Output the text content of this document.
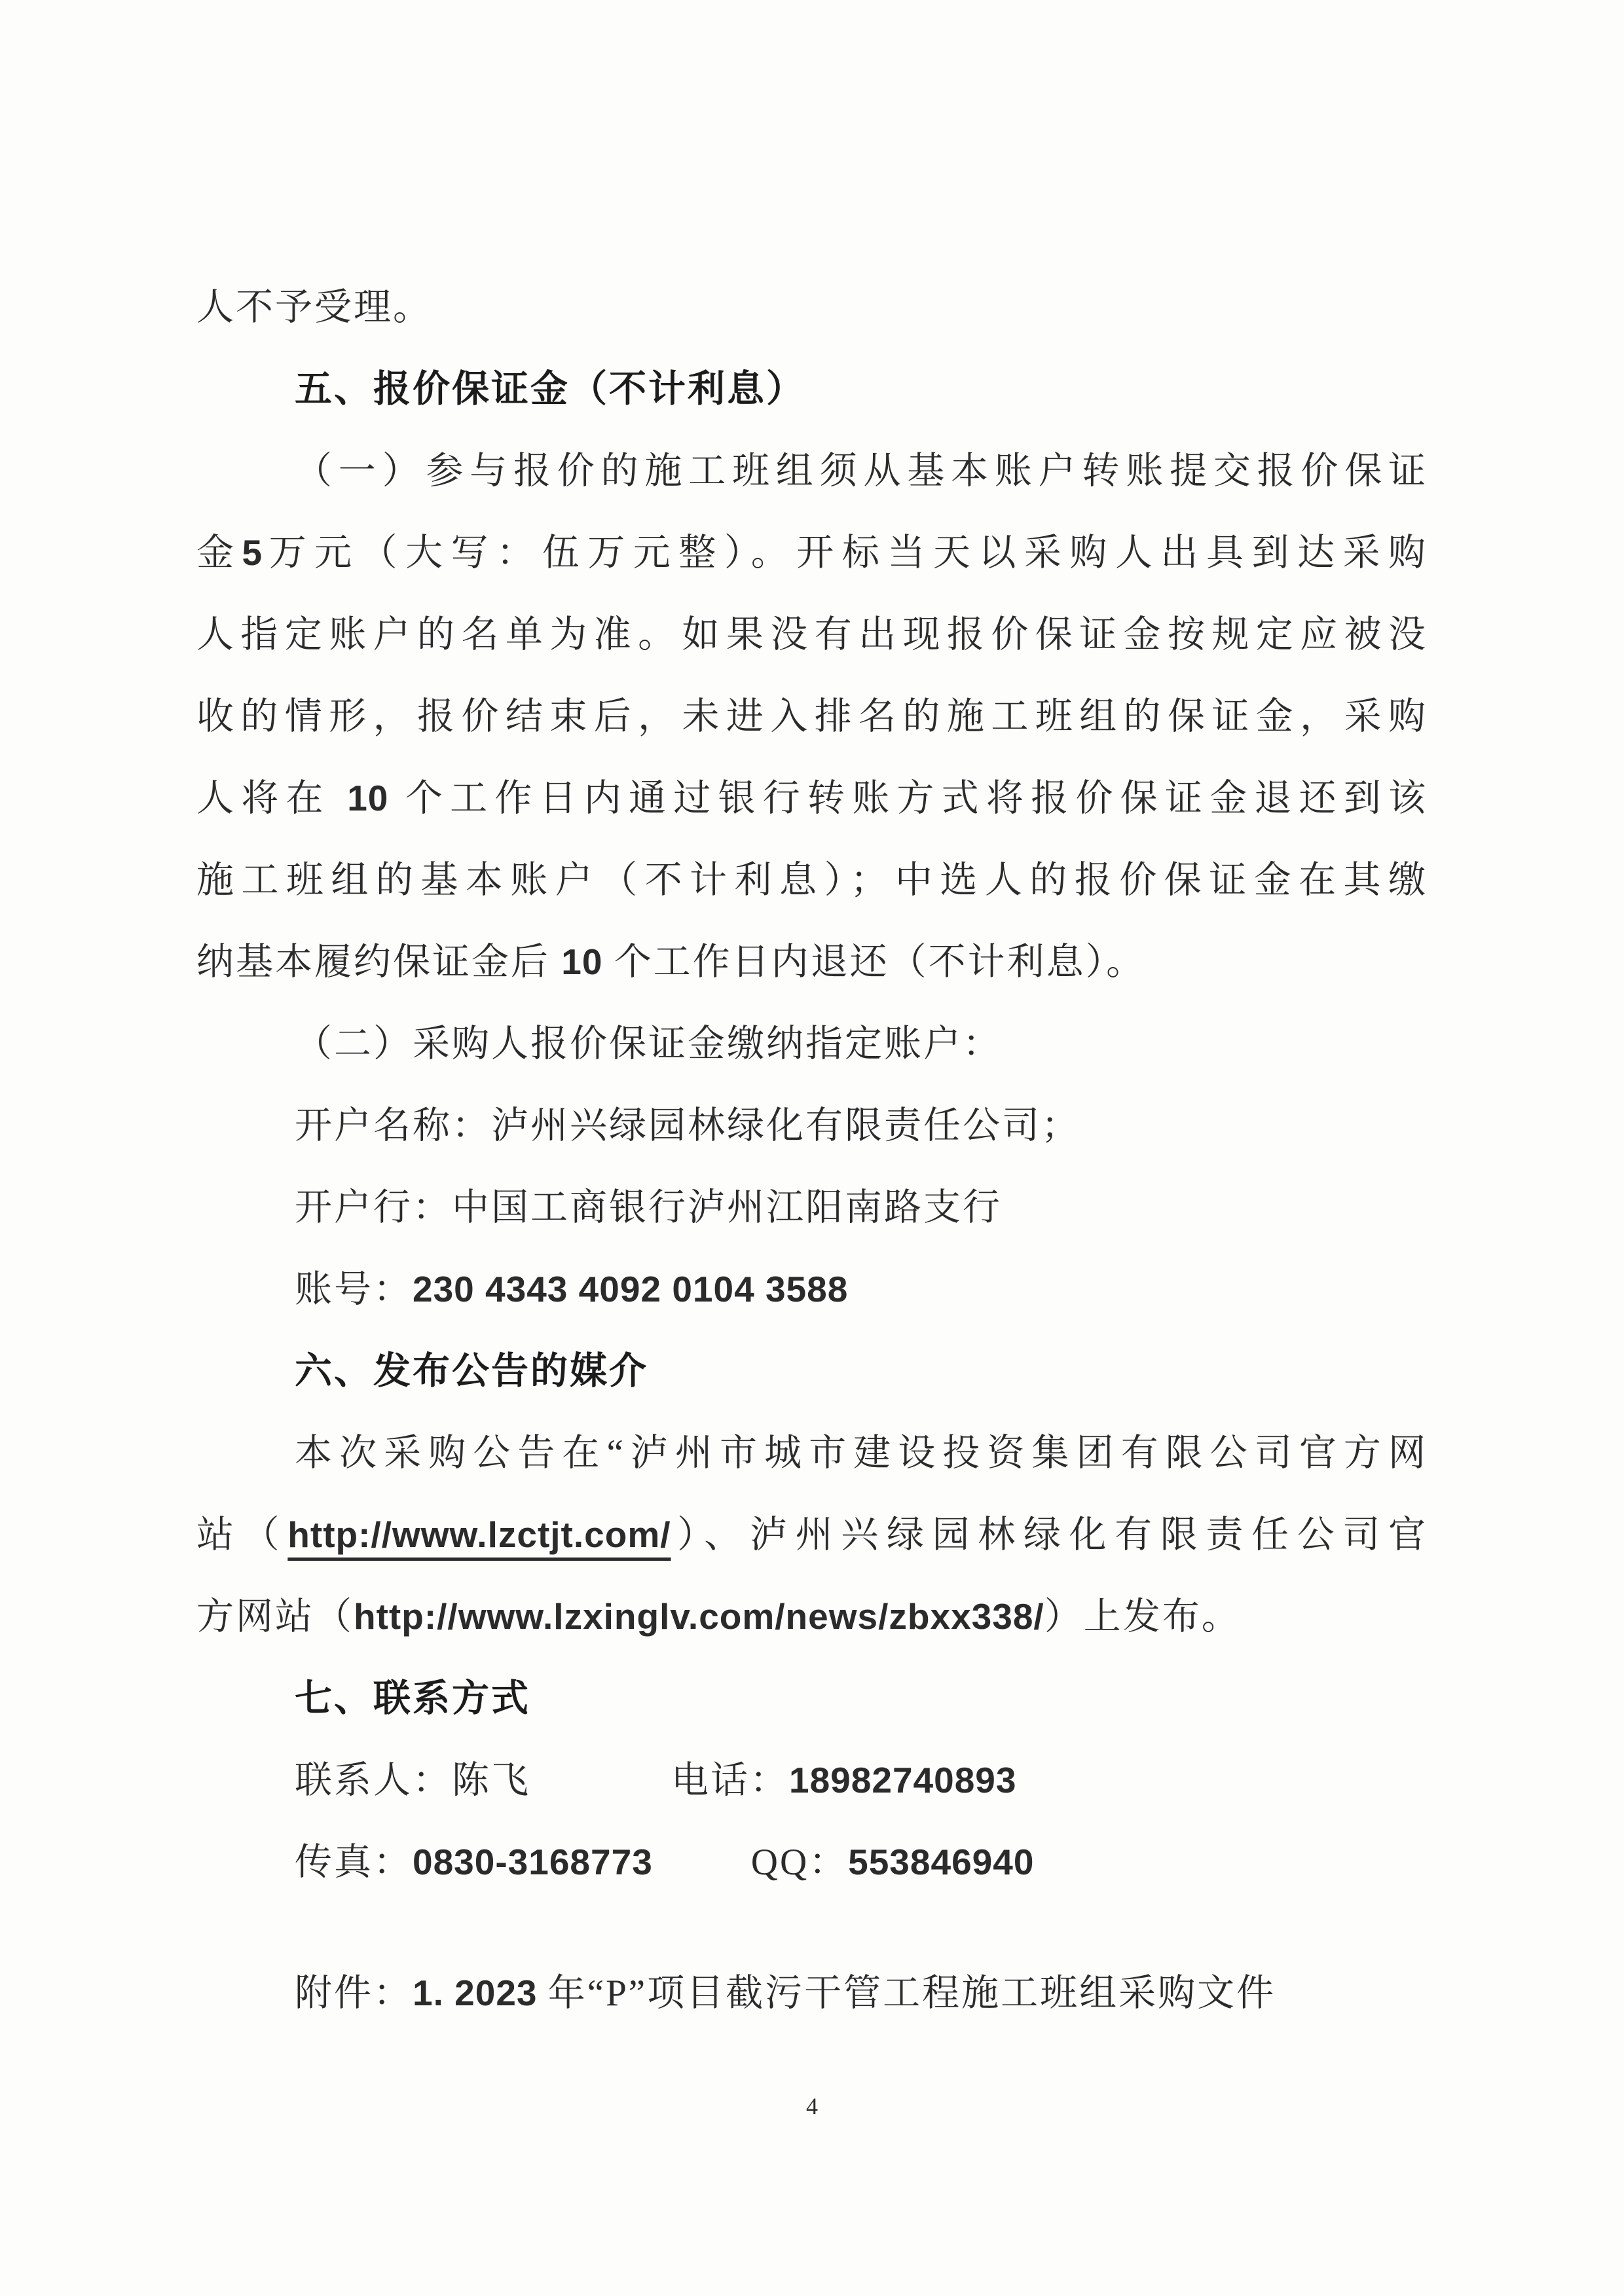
人不予受理。
五、报价保证金（不计利息）
（一）参与报价的施工班组须从基本账户转账提交报价保证
金5万元（大写：伍万元整）。开标当天以采购人出具到达采购
人指定账户的名单为准。如果没有出现报价保证金按规定应被没
收的情形，报价结束后，未进入排名的施工班组的保证金，采购
人将在 10 个工作日内通过银行转账方式将报价保证金退还到该
施工班组的基本账户（不计利息）；中选人的报价保证金在其缴
纳基本履约保证金后 10 个工作日内退还（不计利息）。
（二）采购人报价保证金缴纳指定账户：
开户名称：泸州兴绿园林绿化有限责任公司；
开户行：中国工商银行泸州江阳南路支行
账号：230 4343 4092 0104 3588
六、发布公告的媒介
本次采购公告在“泸州市城市建设投资集团有限公司官方网
站（http://www.lzctjt.com/）、泸州兴绿园林绿化有限责任公司官
方网站（http://www.lzxinglv.com/news/zbxx338/）上发布。
七、联系方式
联系人：陈飞	电话：18982740893
传真：0830-3168773	QQ：553846940
附件：1. 2023 年“P”项目截污干管工程施工班组采购文件
4
